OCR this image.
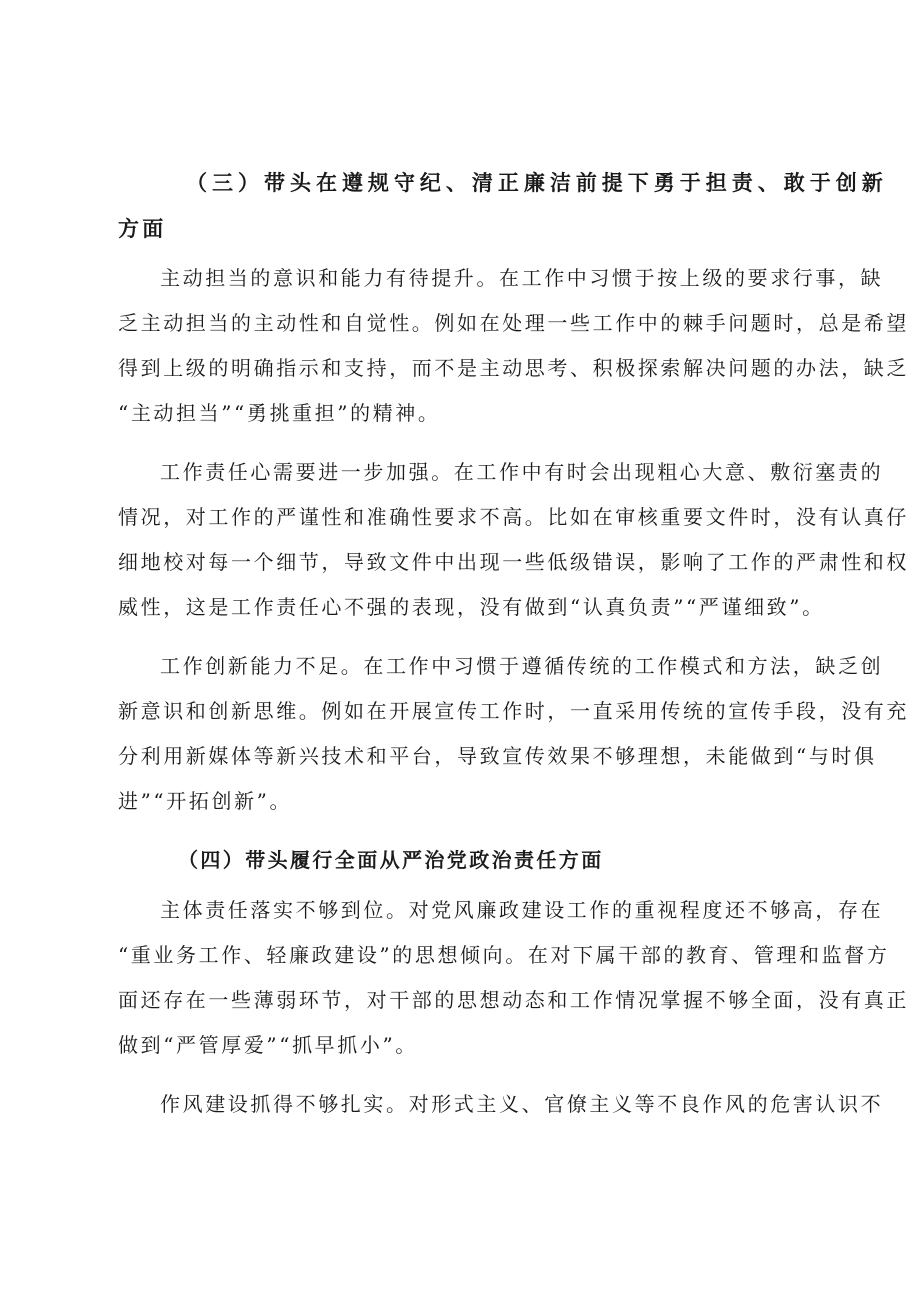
（三）带头在遵规守纪、清正廉洁前提下勇于担责、敢于创新
方面
主动担当的意识和能力有待提升。在工作中习惯于按上级的要求行事，缺
乏主动担当的主动性和自觉性。例如在处理一些工作中的棘手问题时，总是希望
得到上级的明确指示和支持，而不是主动思考、积极探索解决问题的办法，缺乏
“主动担当”“勇挑重担”的精神。
工作责任心需要进一步加强。在工作中有时会出现粗心大意、敷衍塞责的
情况，对工作的严谨性和准确性要求不高。比如在审核重要文件时，没有认真仔
细地校对每一个细节，导致文件中出现一些低级错误，影响了工作的严肃性和权
威性，这是工作责任心不强的表现，没有做到“认真负责”“严谨细致”。
工作创新能力不足。在工作中习惯于遵循传统的工作模式和方法，缺乏创
新意识和创新思维。例如在开展宣传工作时，一直采用传统的宣传手段，没有充
分利用新媒体等新兴技术和平台，导致宣传效果不够理想，未能做到“与时俱
进”“开拓创新”。
（四）带头履行全面从严治党政治责任方面
主体责任落实不够到位。对党风廉政建设工作的重视程度还不够高，存在
“重业务工作、轻廉政建设”的思想倾向。在对下属干部的教育、管理和监督方
面还存在一些薄弱环节，对干部的思想动态和工作情况掌握不够全面，没有真正
做到“严管厚爱”“抓早抓小”。
作风建设抓得不够扎实。对形式主义、官僚主义等不良作风的危害认识不
